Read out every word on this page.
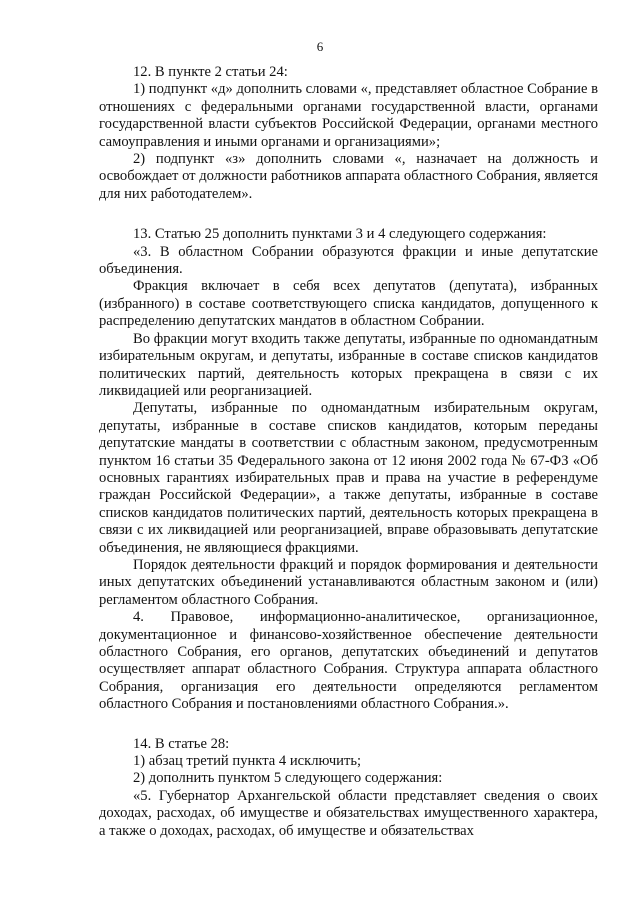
6

12. В пункте 2 статьи 24:

1) подпункт «д» дополнить словами «, представляет областное Собрание в отношениях с федеральными органами государственной власти, органами государственной власти субъектов Российской Федерации, органами местного самоуправления и иными органами и организациями»;

2) подпункт «з» дополнить словами «, назначает на должность и освобождает от должности работников аппарата областного Собрания, является для них работодателем».

13. Статью 25 дополнить пунктами 3 и 4 следующего содержания:

«3. В областном Собрании образуются фракции и иные депутатские объединения.

Фракция включает в себя всех депутатов (депутата), избранных (избранного) в составе соответствующего списка кандидатов, допущенного к распределению депутатских мандатов в областном Собрании.

Во фракции могут входить также депутаты, избранные по одномандатным избирательным округам, и депутаты, избранные в составе списков кандидатов политических партий, деятельность которых прекращена в связи с их ликвидацией или реорганизацией.

Депутаты, избранные по одномандатным избирательным округам, депутаты, избранные в составе списков кандидатов, которым переданы депутатские мандаты в соответствии с областным законом, предусмотренным пунктом 16 статьи 35 Федерального закона от 12 июня 2002 года № 67-ФЗ «Об основных гарантиях избирательных прав и права на участие в референдуме граждан Российской Федерации», а также депутаты, избранные в составе списков кандидатов политических партий, деятельность которых прекращена в связи с их ликвидацией или реорганизацией, вправе образовывать депутатские объединения, не являющиеся фракциями.

Порядок деятельности фракций и порядок формирования и деятельности иных депутатских объединений устанавливаются областным законом и (или) регламентом областного Собрания.

4. Правовое, информационно-аналитическое, организационное, документационное и финансово-хозяйственное обеспечение деятельности областного Собрания, его органов, депутатских объединений и депутатов осуществляет аппарат областного Собрания. Структура аппарата областного Собрания, организация его деятельности определяются регламентом областного Собрания и постановлениями областного Собрания.».

14. В статье 28:

1) абзац третий пункта 4 исключить;

2) дополнить пунктом 5 следующего содержания:

«5. Губернатор Архангельской области представляет сведения о своих доходах, расходах, об имуществе и обязательствах имущественного характера, а также о доходах, расходах, об имуществе и обязательствах
